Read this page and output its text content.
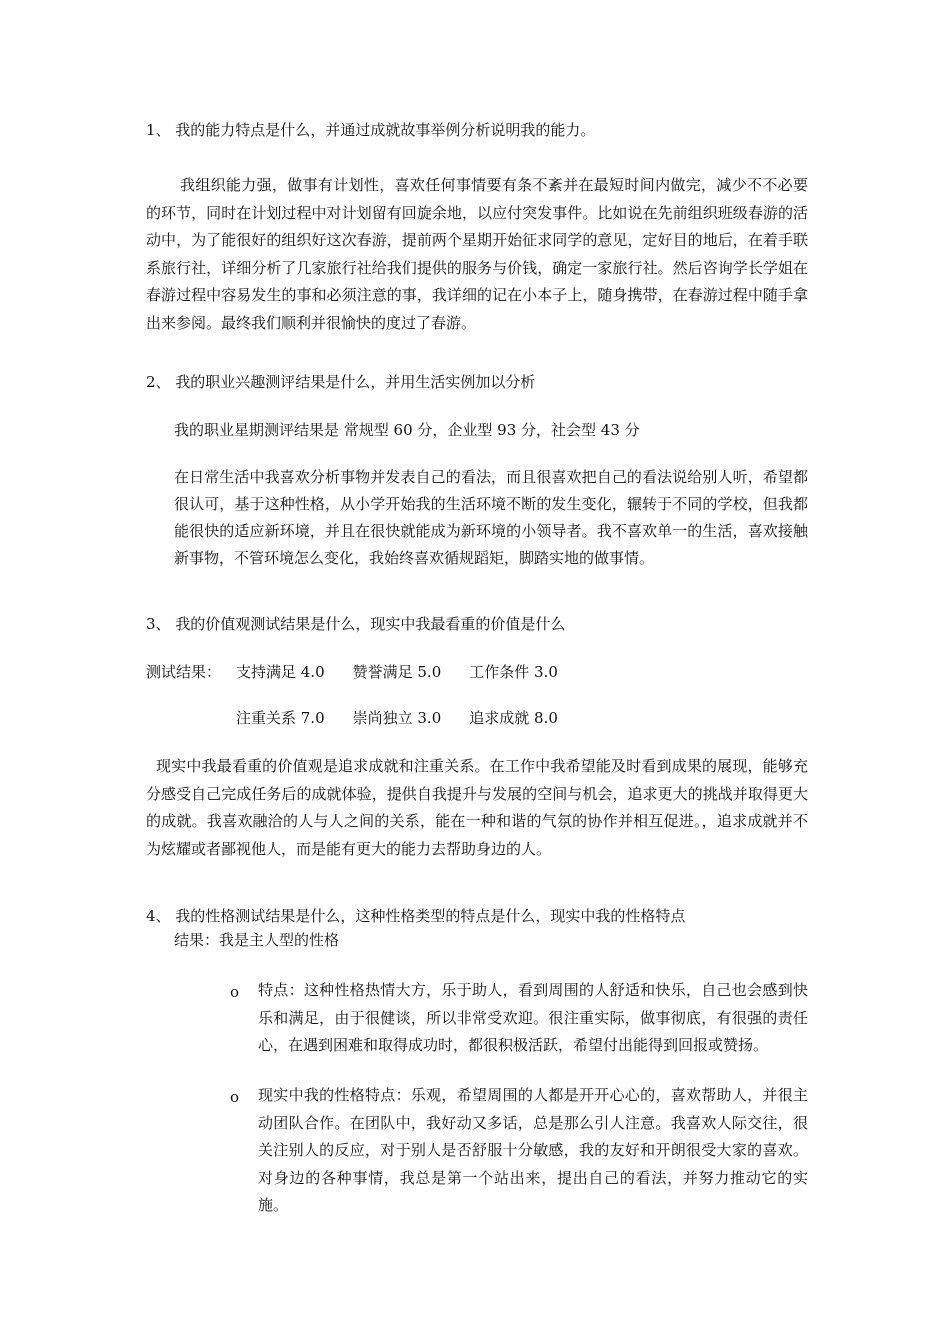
1、 我的能力特点是什么，并通过成就故事举例分析说明我的能力。
我组织能力强，做事有计划性，喜欢任何事情要有条不紊并在最短时间内做完，减少不不必要的环节，同时在计划过程中对计划留有回旋余地，以应付突发事件。比如说在先前组织班级春游的活动中，为了能很好的组织好这次春游，提前两个星期开始征求同学的意见，定好目的地后，在着手联系旅行社，详细分析了几家旅行社给我们提供的服务与价钱，确定一家旅行社。然后咨询学长学姐在春游过程中容易发生的事和必须注意的事，我详细的记在小本子上，随身携带，在春游过程中随手拿出来参阅。最终我们顺利并很愉快的度过了春游。
2、 我的职业兴趣测评结果是什么，并用生活实例加以分析
我的职业星期测评结果是 常规型 60 分，企业型 93 分，社会型 43 分
在日常生活中我喜欢分析事物并发表自己的看法，而且很喜欢把自己的看法说给别人听，希望都很认可，基于这种性格，从小学开始我的生活环境不断的发生变化，辗转于不同的学校，但我都能很快的适应新环境，并且在很快就能成为新环境的小领导者。我不喜欢单一的生活，喜欢接触新事物，不管环境怎么变化，我始终喜欢循规蹈矩，脚踏实地的做事情。
3、 我的价值观测试结果是什么，现实中我最看重的价值是什么
测试结果： 支持满足 4.0 赞誉满足 5.0 工作条件 3.0
注重关系 7.0 崇尚独立 3.0 追求成就 8.0
现实中我最看重的价值观是追求成就和注重关系。在工作中我希望能及时看到成果的展现，能够充分感受自己完成任务后的成就体验，提供自我提升与发展的空间与机会，追求更大的挑战并取得更大的成就。我喜欢融洽的人与人之间的关系，能在一种和谐的气氛的协作并相互促进。，追求成就并不为炫耀或者鄙视他人，而是能有更大的能力去帮助身边的人。
4、 我的性格测试结果是什么，这种性格类型的特点是什么，现实中我的性格特点
结果：我是主人型的性格
o 特点：这种性格热情大方，乐于助人，看到周围的人舒适和快乐，自己也会感到快乐和满足，由于很健谈，所以非常受欢迎。很注重实际，做事彻底，有很强的责任心，在遇到困难和取得成功时，都很积极活跃，希望付出能得到回报或赞扬。
o 现实中我的性格特点：乐观，希望周围的人都是开开心心的，喜欢帮助人，并很主动团队合作。在团队中，我好动又多话，总是那么引人注意。我喜欢人际交往，很关注别人的反应，对于别人是否舒服十分敏感，我的友好和开朗很受大家的喜欢。对身边的各种事情，我总是第一个站出来，提出自己的看法，并努力推动它的实施。
